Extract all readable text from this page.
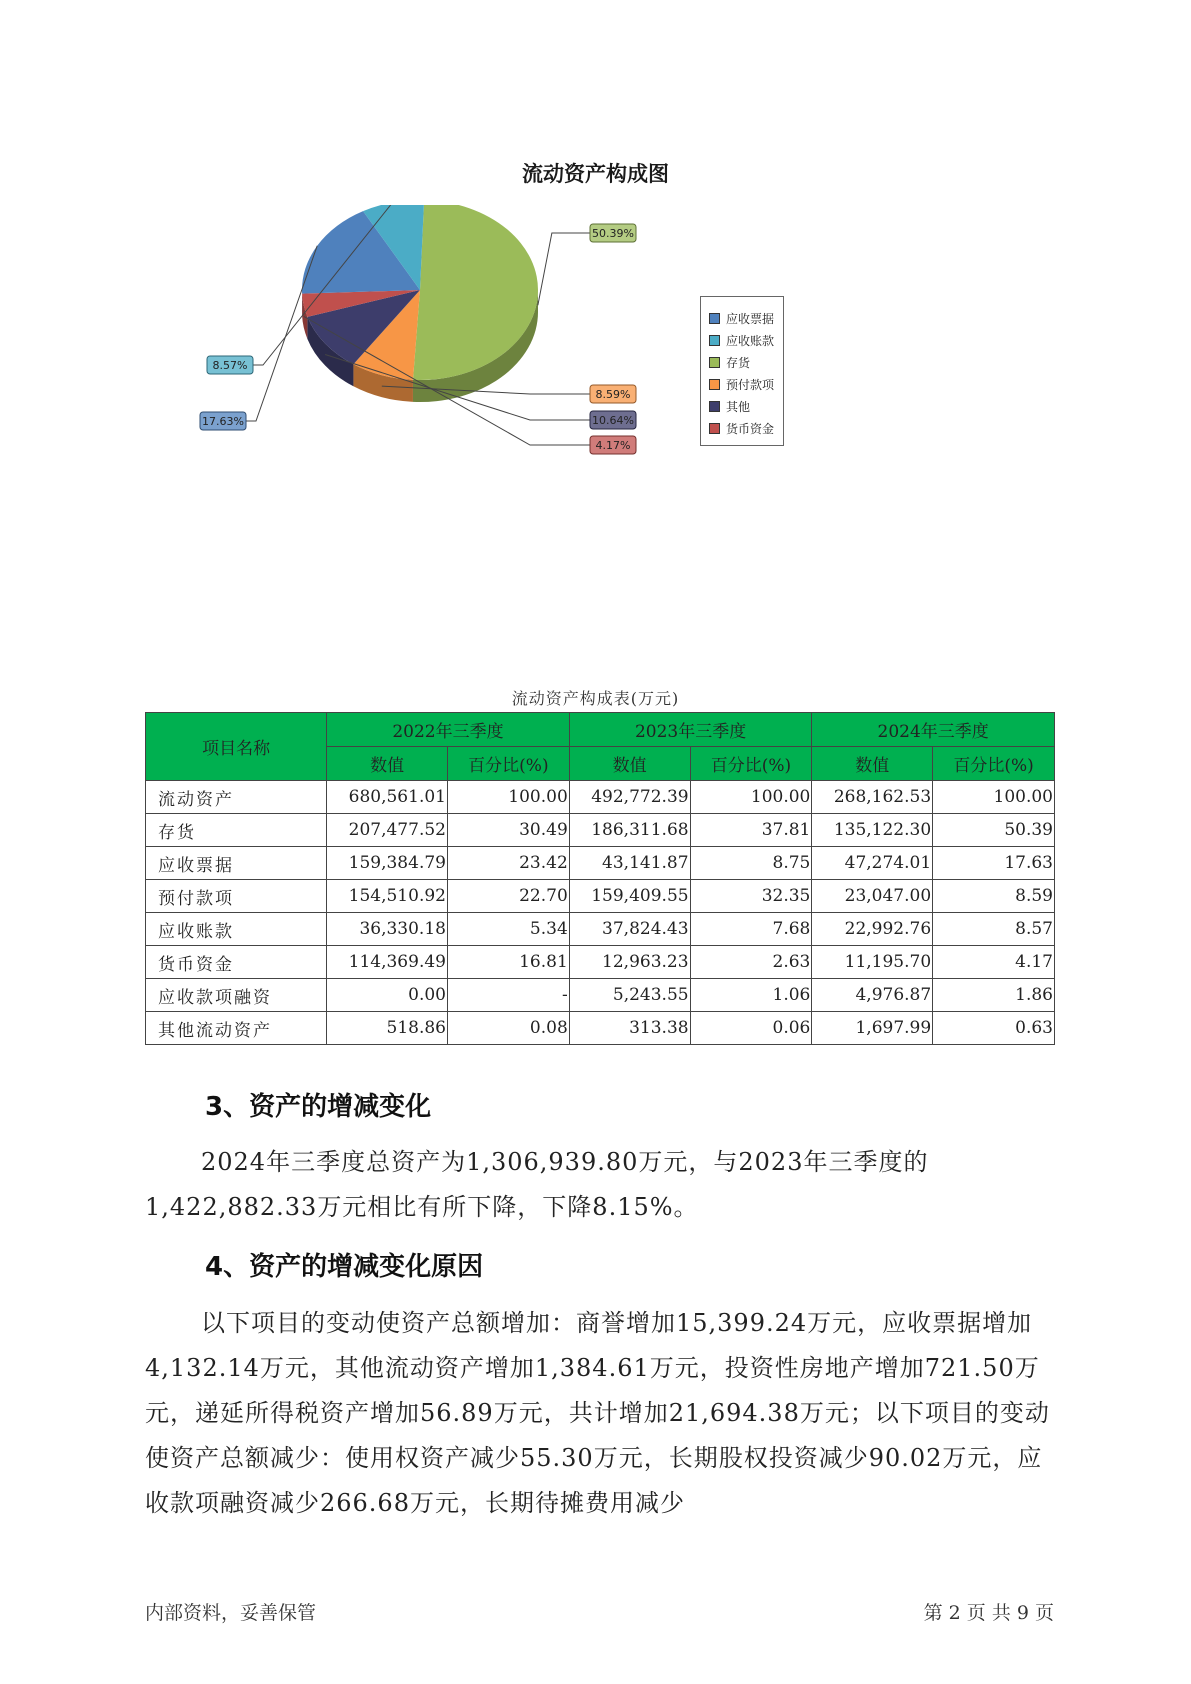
流动资产构成图
50.39%
8.59%
10.64%
4.17%
17.63%
8.57%
应收票据
应收账款
存货
预付款项
其他
货币资金
流动资产构成表(万元)
项目名称	2022年三季度		2023年三季度		2024年三季度	
	数值	百分比(%)	数值	百分比(%)	数值	百分比(%)
流动资产	680,561.01	100.00	492,772.39	100.00	268,162.53	100.00
存货	207,477.52	30.49	186,311.68	37.81	135,122.30	50.39
应收票据	159,384.79	23.42	43,141.87	8.75	47,274.01	17.63
预付款项	154,510.92	22.70	159,409.55	32.35	23,047.00	8.59
应收账款	36,330.18	5.34	37,824.43	7.68	22,992.76	8.57
货币资金	114,369.49	16.81	12,963.23	2.63	11,195.70	4.17
应收款项融资	0.00	-	5,243.55	1.06	4,976.87	1.86
其他流动资产	518.86	0.08	313.38	0.06	1,697.99	0.63
3、资产的增减变化
2024年三季度总资产为1,306,939.80万元，与2023年三季度的1,422,882.33万元相比有所下降，下降8.15%。
4、资产的增减变化原因
以下项目的变动使资产总额增加：商誉增加15,399.24万元，应收票据增加4,132.14万元，其他流动资产增加1,384.61万元，投资性房地产增加721.50万元，递延所得税资产增加56.89万元，共计增加21,694.38万元；以下项目的变动使资产总额减少：使用权资产减少55.30万元，长期股权投资减少90.02万元，应收款项融资减少266.68万元，长期待摊费用减少
内部资料，妥善保管	第 2 页 共 9 页
